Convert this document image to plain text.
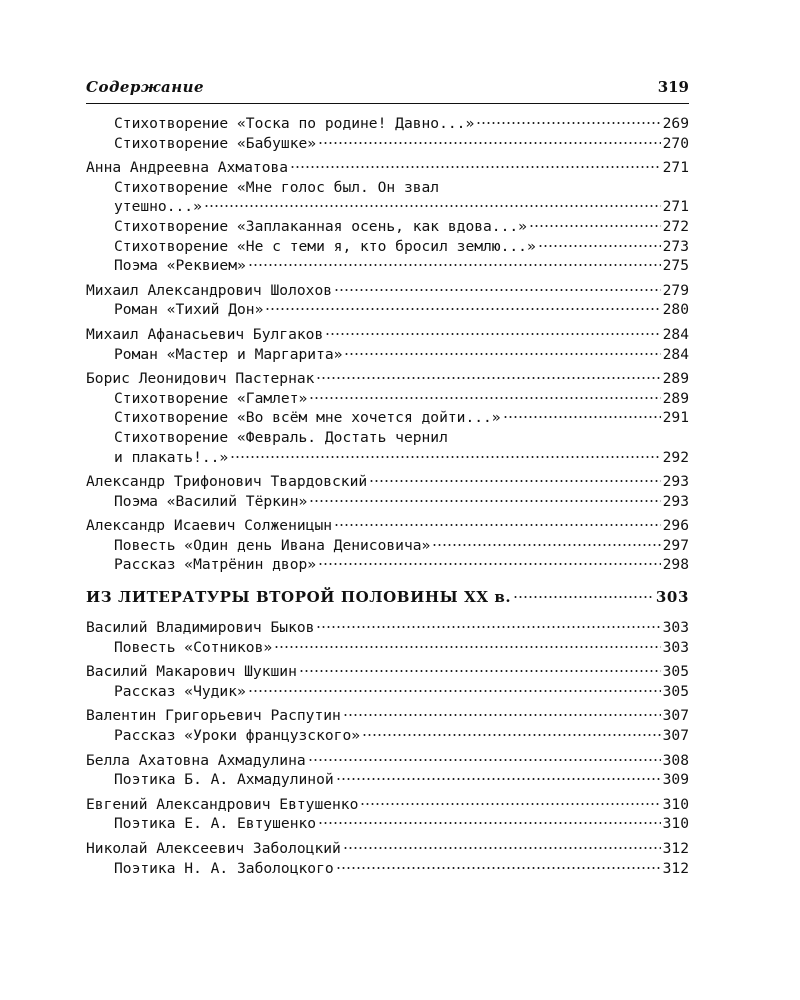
Содержание	319
Стихотворение «Тоска по родине! Давно...»	269
Стихотворение «Бабушке»	270
Анна Андреевна Ахматова	271
Стихотворение «Мне голос был. Он звал
утешно...»	271
Стихотворение «Заплаканная осень, как вдова...»	272
Стихотворение «Не с теми я, кто бросил землю...»	273
Поэма «Реквием»	275
Михаил Александрович Шолохов	279
Роман «Тихий Дон»	280
Михаил Афанасьевич Булгаков	284
Роман «Мастер и Маргарита»	284
Борис Леонидович Пастернак	289
Стихотворение «Гамлет»	289
Стихотворение «Во всём мне хочется дойти...»	291
Стихотворение «Февраль. Достать чернил
и плакать!..»	292
Александр Трифонович Твардовский	293
Поэма «Василий Тёркин»	293
Александр Исаевич Солженицын	296
Повесть «Один день Ивана Денисовича»	297
Рассказ «Матрёнин двор»	298
ИЗ ЛИТЕРАТУРЫ ВТОРОЙ ПОЛОВИНЫ XX в.	303
Василий Владимирович Быков	303
Повесть «Сотников»	303
Василий Макарович Шукшин	305
Рассказ «Чудик»	305
Валентин Григорьевич Распутин	307
Рассказ «Уроки французского»	307
Белла Ахатовна Ахмадулина	308
Поэтика Б. А. Ахмадулиной	309
Евгений Александрович Евтушенко	310
Поэтика Е. А. Евтушенко	310
Николай Алексеевич Заболоцкий	312
Поэтика Н. А. Заболоцкого	312
